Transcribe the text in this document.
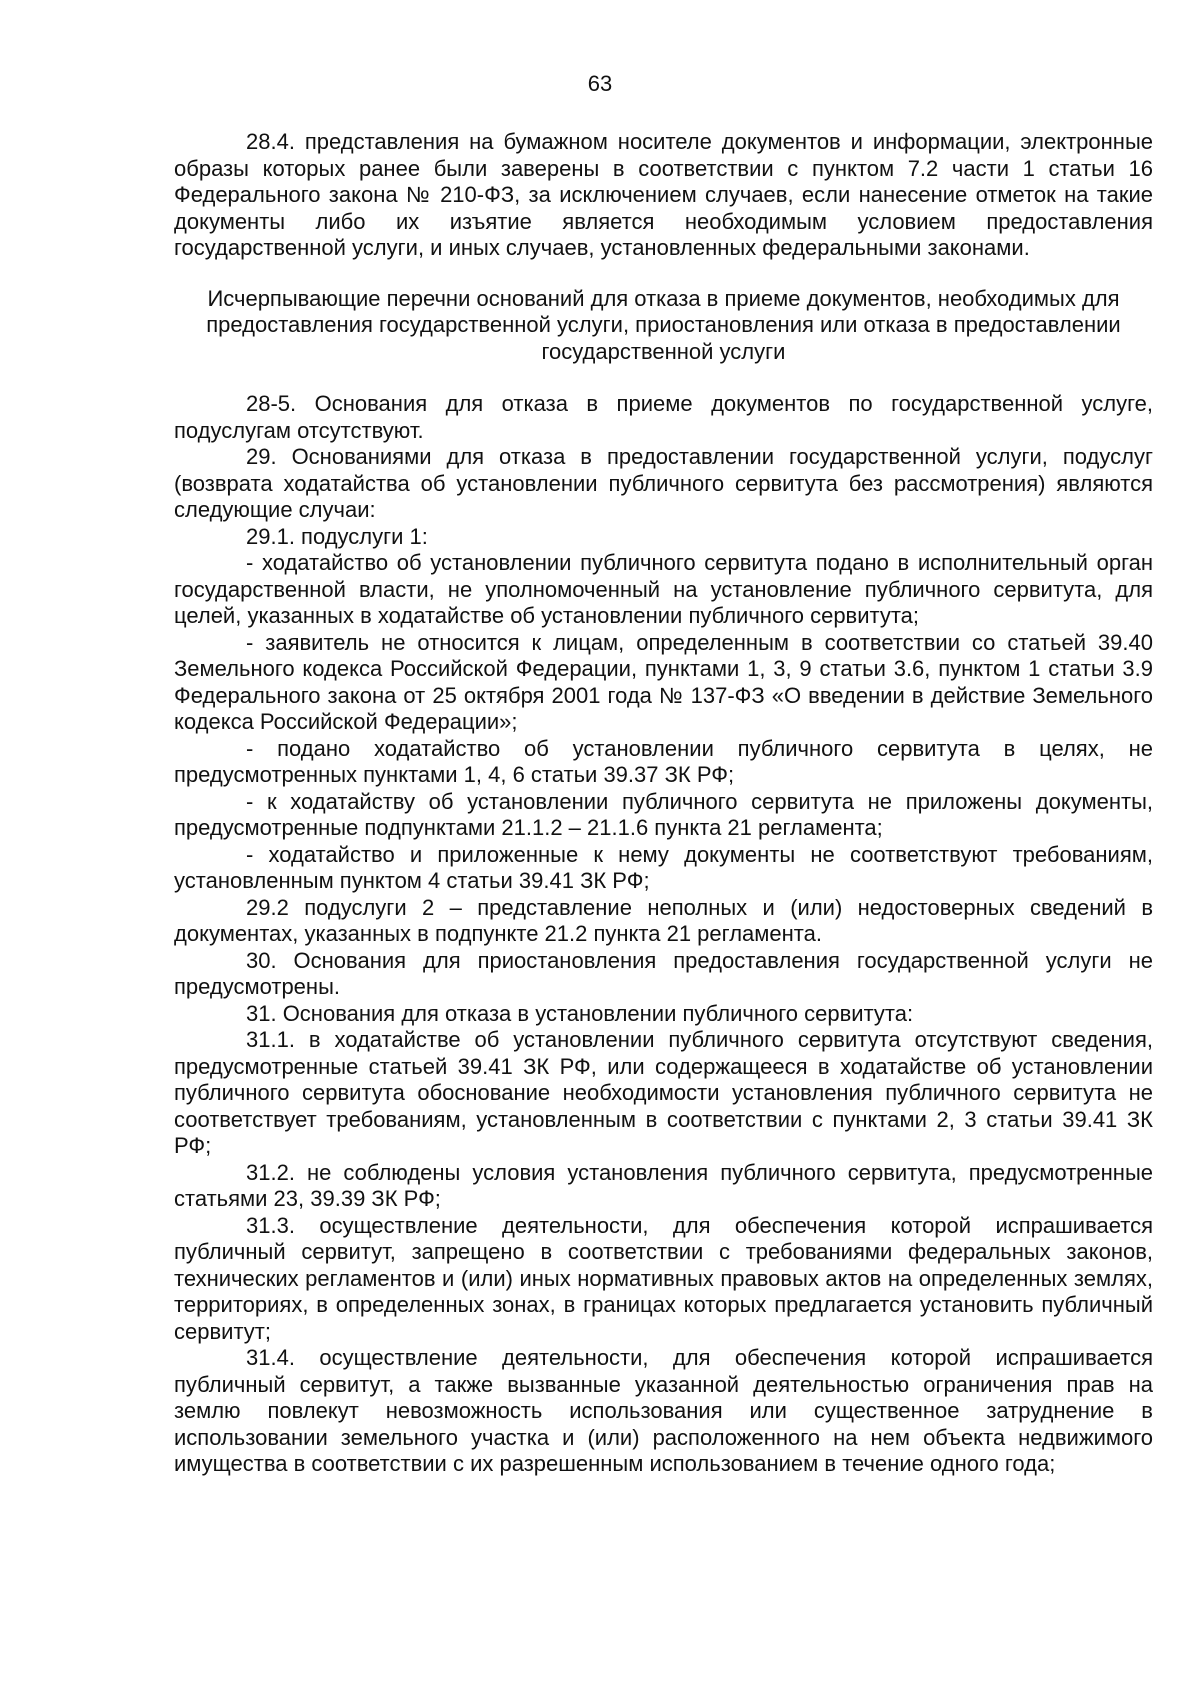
63

28.4. представления на бумажном носителе документов и информации, электронные образы которых ранее были заверены в соответствии с пунктом 7.2 части 1 статьи 16 Федерального закона № 210-ФЗ, за исключением случаев, если нанесение отметок на такие документы либо их изъятие является необходимым условием предоставления государственной услуги, и иных случаев, установленных федеральными законами.

Исчерпывающие перечни оснований для отказа в приеме документов, необходимых для предоставления государственной услуги, приостановления или отказа в предоставлении государственной услуги

28-5. Основания для отказа в приеме документов по государственной услуге, подуслугам отсутствуют.

29. Основаниями для отказа в предоставлении государственной услуги, подуслуг (возврата ходатайства об установлении публичного сервитута без рассмотрения) являются следующие случаи:

29.1. подуслуги 1:

- ходатайство об установлении публичного сервитута подано в исполнительный орган государственной власти, не уполномоченный на установление публичного сервитута, для целей, указанных в ходатайстве об установлении публичного сервитута;

- заявитель не относится к лицам, определенным в соответствии со статьей 39.40 Земельного кодекса Российской Федерации, пунктами 1, 3, 9 статьи 3.6, пунктом 1 статьи 3.9 Федерального закона от 25 октября 2001 года № 137-ФЗ «О введении в действие Земельного кодекса Российской Федерации»;

- подано ходатайство об установлении публичного сервитута в целях, не предусмотренных пунктами 1, 4, 6 статьи 39.37 ЗК РФ;

- к ходатайству об установлении публичного сервитута не приложены документы, предусмотренные подпунктами 21.1.2 – 21.1.6 пункта 21 регламента;

- ходатайство и приложенные к нему документы не соответствуют требованиям, установленным пунктом 4 статьи 39.41 ЗК РФ;

29.2 подуслуги 2 – представление неполных и (или) недостоверных сведений в документах, указанных в подпункте 21.2 пункта 21 регламента.

30. Основания для приостановления предоставления государственной услуги не предусмотрены.

31. Основания для отказа в установлении публичного сервитута:

31.1. в ходатайстве об установлении публичного сервитута отсутствуют сведения, предусмотренные статьей 39.41 ЗК РФ, или содержащееся в ходатайстве об установлении публичного сервитута обоснование необходимости установления публичного сервитута не соответствует требованиям, установленным в соответствии с пунктами 2, 3 статьи 39.41 ЗК РФ;

31.2. не соблюдены условия установления публичного сервитута, предусмотренные статьями 23, 39.39 ЗК РФ;

31.3. осуществление деятельности, для обеспечения которой испрашивается публичный сервитут, запрещено в соответствии с требованиями федеральных законов, технических регламентов и (или) иных нормативных правовых актов на определенных землях, территориях, в определенных зонах, в границах которых предлагается установить публичный сервитут;

31.4. осуществление деятельности, для обеспечения которой испрашивается публичный сервитут, а также вызванные указанной деятельностью ограничения прав на землю повлекут невозможность использования или существенное затруднение в использовании земельного участка и (или) расположенного на нем объекта недвижимого имущества в соответствии с их разрешенным использованием в течение одного года;
